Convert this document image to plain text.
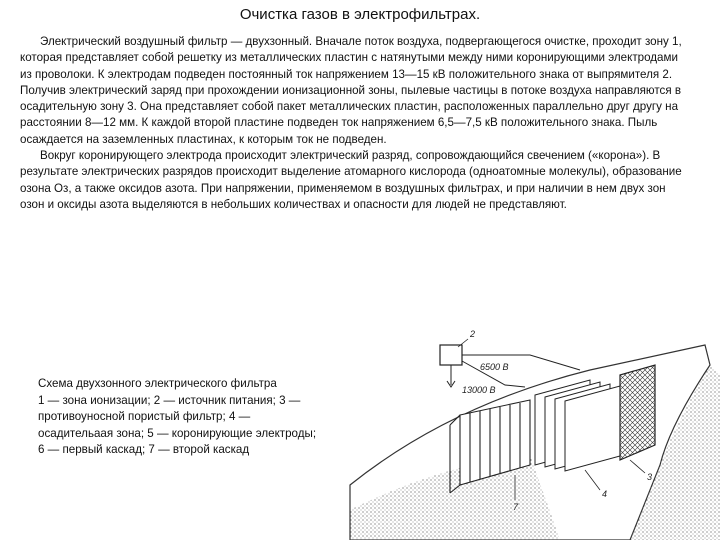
Очистка газов в электрофильтрах.

Электрический воздушный фильтр — двухзонный. Вначале поток воздуха, подвергающегося очистке, проходит зону 1, которая представляет собой решетку из металлических пластин с натянутыми между ними коронирующими электродами из проволоки. К электродам подведен постоянный ток напряжением 13—15 кВ положительного знака от выпрямителя 2. Получив электрический заряд при прохождении ионизационной зоны, пылевые частицы в потоке воздуха направляются в осадительную зону 3. Она представляет собой пакет металлических пластин, расположенных параллельно друг другу на расстоянии 8—12 мм. К каждой второй пластине подведен ток напряжением 6,5—7,5 кВ положительного знака. Пыль осаждается на заземленных пластинах, к которым ток не подведен.

Вокруг коронирующего электрода происходит электрический разряд, сопровождающийся свечением («корона»). В результате электрических разрядов происходит выделение атомарного кислорода (одноатомные молекулы), образование озона Оз, а также оксидов азота. При напряжении, применяемом в воздушных фильтрах, и при наличии в нем двух зон озон и оксиды азота выделяются в небольших количествах и опасности для людей не представляют.

Схема двухзонного электрического фильтра
1 — зона ионизации; 2 — источник питания; 3 —
противоуносной пористый фильтр; 4 —
осадительаая зона; 5 — коронирующие электроды;
6 — первый каскад; 7 — второй каскад
2
6500 В
13000 В
4
3
7
